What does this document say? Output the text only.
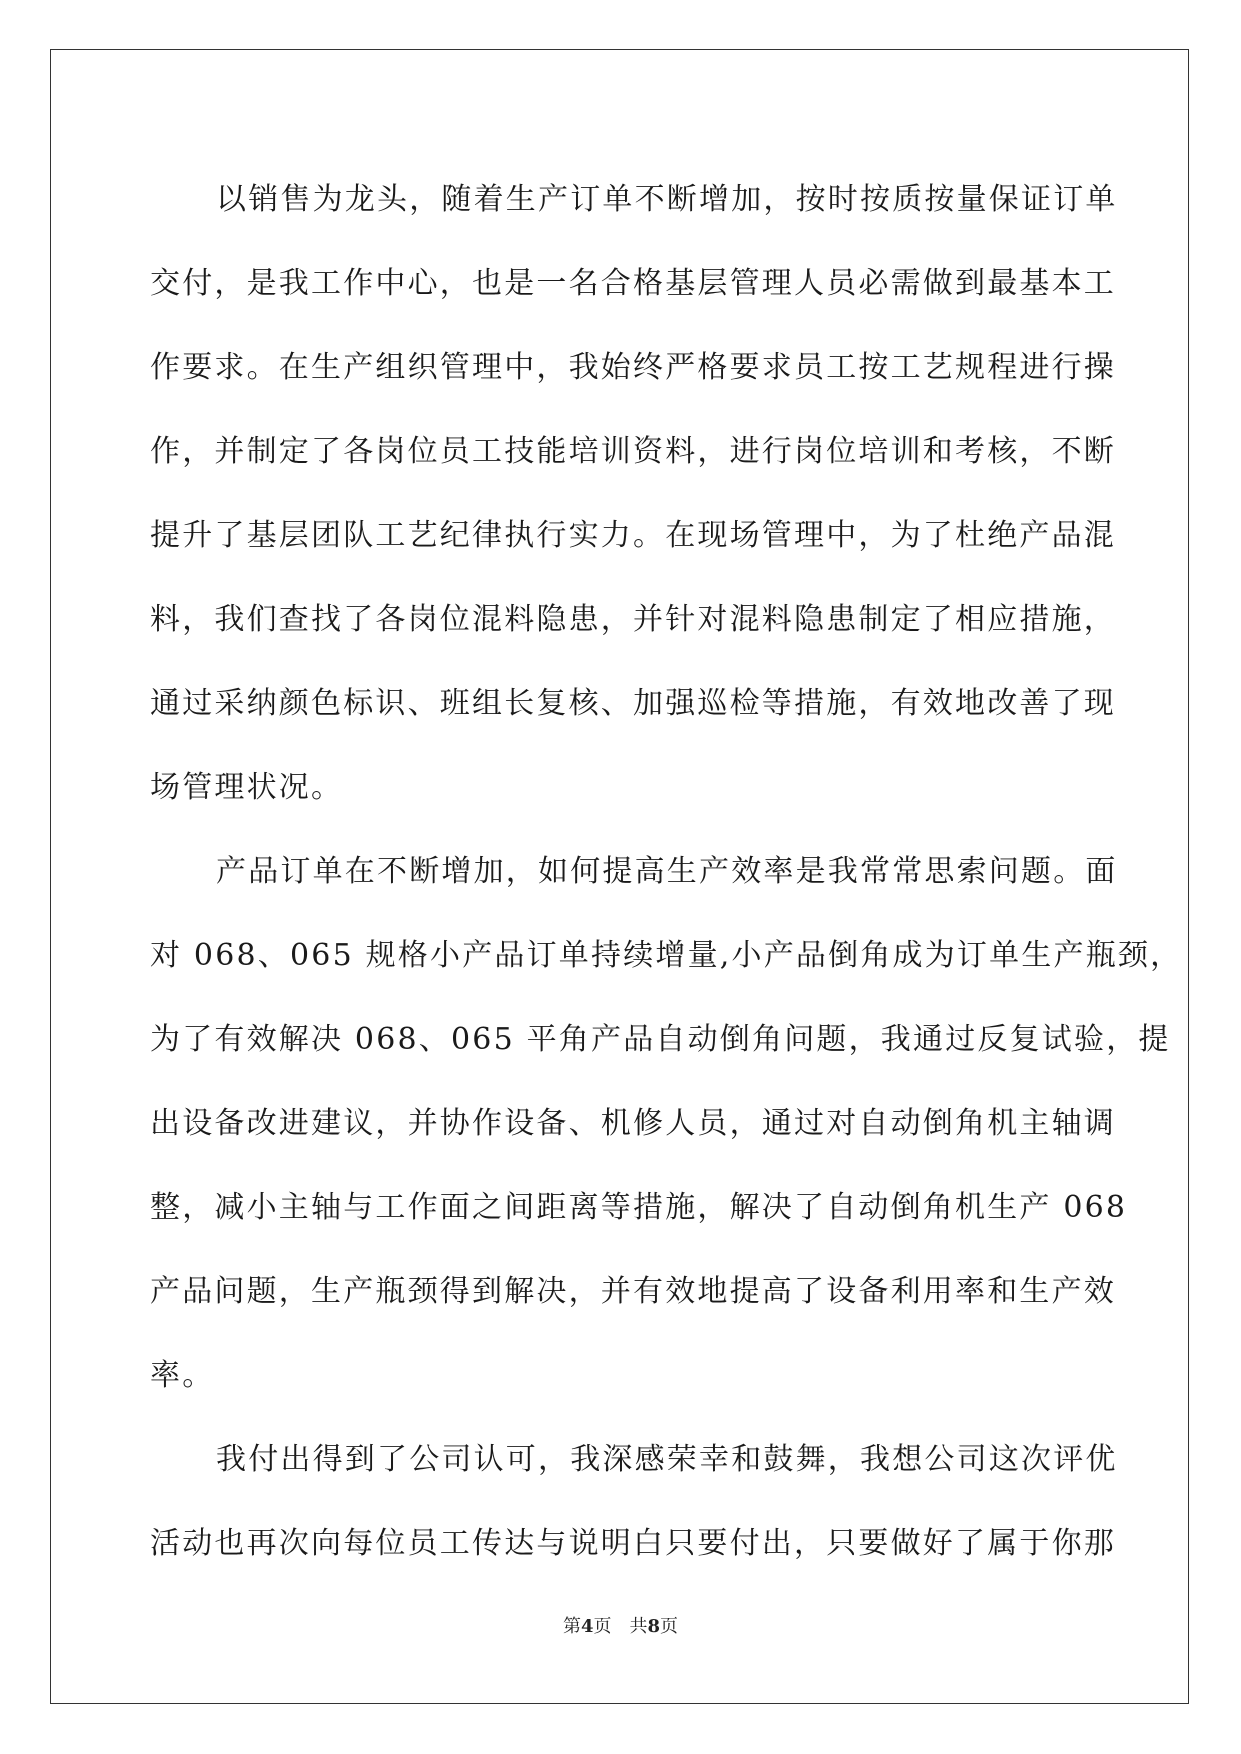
以销售为龙头，随着生产订单不断增加，按时按质按量保证订单
交付，是我工作中心，也是一名合格基层管理人员必需做到最基本工
作要求。在生产组织管理中，我始终严格要求员工按工艺规程进行操
作，并制定了各岗位员工技能培训资料，进行岗位培训和考核，不断
提升了基层团队工艺纪律执行实力。在现场管理中，为了杜绝产品混
料，我们查找了各岗位混料隐患，并针对混料隐患制定了相应措施，
通过采纳颜色标识、班组长复核、加强巡检等措施，有效地改善了现
场管理状况。
产品订单在不断增加，如何提高生产效率是我常常思索问题。面
对 068、065 规格小产品订单持续增量,小产品倒角成为订单生产瓶颈，
为了有效解决 068、065 平角产品自动倒角问题，我通过反复试验，提
出设备改进建议，并协作设备、机修人员，通过对自动倒角机主轴调
整，减小主轴与工作面之间距离等措施，解决了自动倒角机生产 068
产品问题，生产瓶颈得到解决，并有效地提高了设备利用率和生产效
率。
我付出得到了公司认可，我深感荣幸和鼓舞，我想公司这次评优
活动也再次向每位员工传达与说明白只要付出，只要做好了属于你那
第4页 共8页
